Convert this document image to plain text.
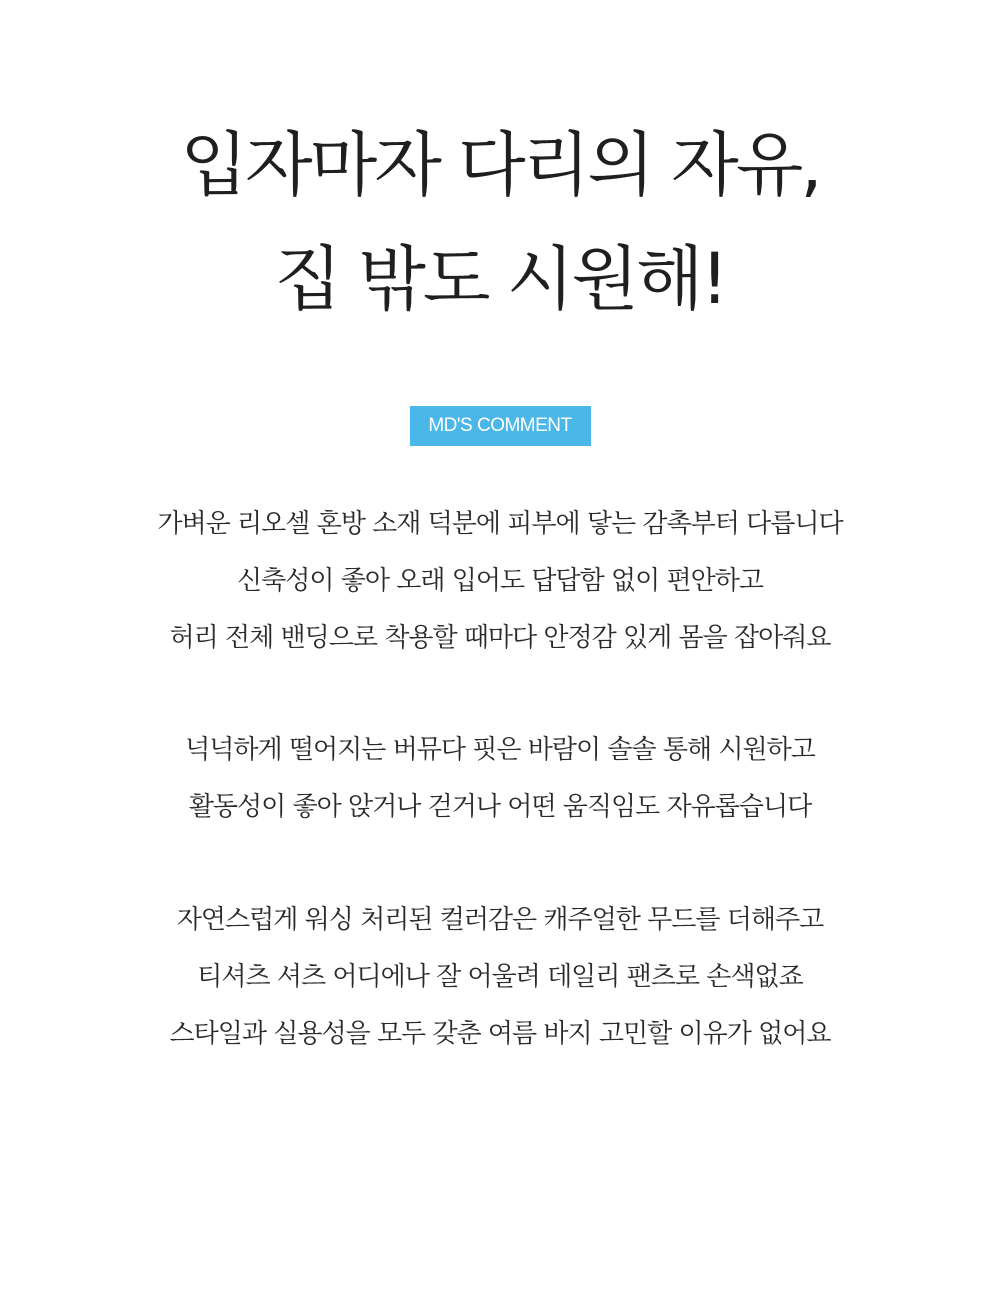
입자마자 다리의 자유,
집 밖도 시원해!
MD'S COMMENT
가벼운 리오셀 혼방 소재 덕분에 피부에 닿는 감촉부터 다릅니다
신축성이 좋아 오래 입어도 답답함 없이 편안하고
허리 전체 밴딩으로 착용할 때마다 안정감 있게 몸을 잡아줘요
넉넉하게 떨어지는 버뮤다 핏은 바람이 솔솔 통해 시원하고
활동성이 좋아 앉거나 걷거나 어떤 움직임도 자유롭습니다
자연스럽게 워싱 처리된 컬러감은 캐주얼한 무드를 더해주고
티셔츠 셔츠 어디에나 잘 어울려 데일리 팬츠로 손색없죠
스타일과 실용성을 모두 갖춘 여름 바지 고민할 이유가 없어요
